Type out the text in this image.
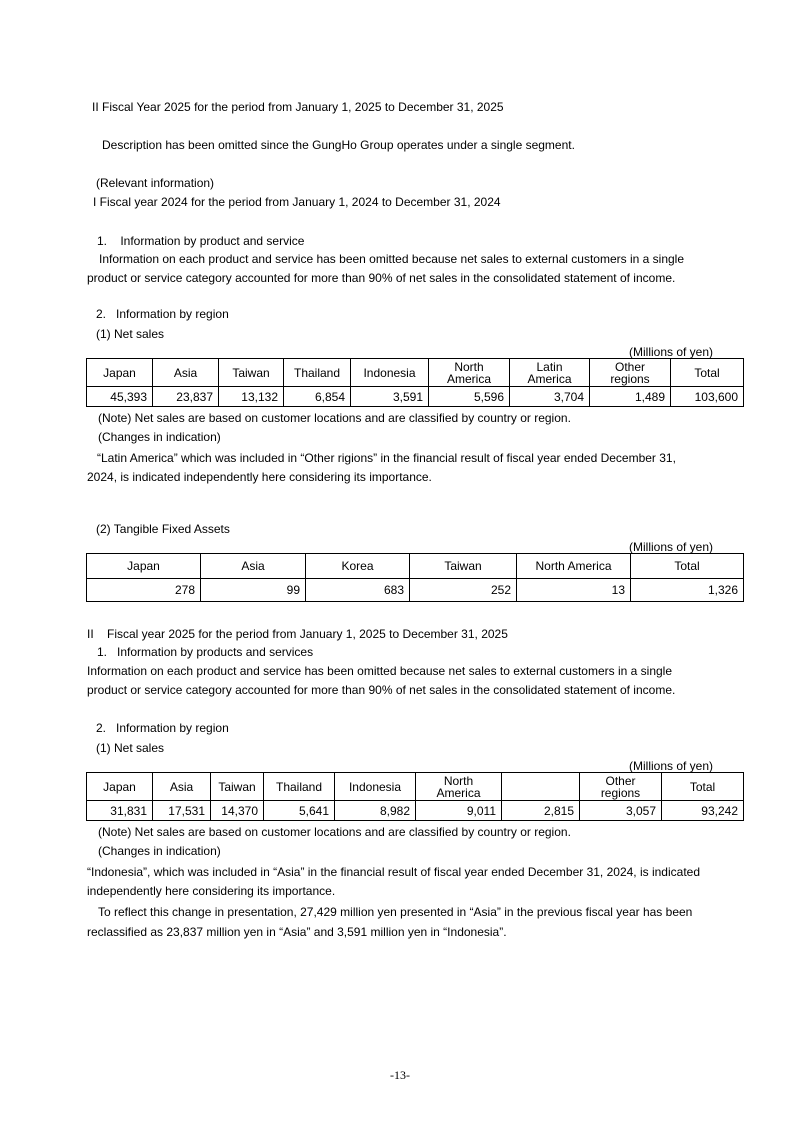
II Fiscal Year 2025 for the period from January 1, 2025 to December 31, 2025
Description has been omitted since the GungHo Group operates under a single segment.
(Relevant information)
I Fiscal year 2024 for the period from January 1, 2024 to December 31, 2024
1.    Information by product and service
Information on each product and service has been omitted because net sales to external customers in a single
product or service category accounted for more than 90% of net sales in the consolidated statement of income.
2.   Information by region
(1) Net sales
(Millions of yen)
Japan	Asia	Taiwan	Thailand	Indonesia	North America	Latin America	Other regions	Total
45,393	23,837	13,132	6,854	3,591	5,596	3,704	1,489	103,600
(Note) Net sales are based on customer locations and are classified by country or region.
(Changes in indication)
“Latin America” which was included in “Other rigions” in the financial result of fiscal year ended December 31,
2024, is indicated independently here considering its importance.
(2) Tangible Fixed Assets
(Millions of yen)
Japan	Asia	Korea	Taiwan	North America	Total
278	99	683	252	13	1,326
II    Fiscal year 2025 for the period from January 1, 2025 to December 31, 2025
1.   Information by products and services
Information on each product and service has been omitted because net sales to external customers in a single
product or service category accounted for more than 90% of net sales in the consolidated statement of income.
2.   Information by region
(1) Net sales
(Millions of yen)
Japan	Asia	Taiwan	Thailand	Indonesia	North America		Other regions	Total
31,831	17,531	14,370	5,641	8,982	9,011	2,815	3,057	93,242
(Note) Net sales are based on customer locations and are classified by country or region.
(Changes in indication)
“Indonesia”, which was included in “Asia” in the financial result of fiscal year ended December 31, 2024, is indicated
independently here considering its importance.
To reflect this change in presentation, 27,429 million yen presented in “Asia” in the previous fiscal year has been
reclassified as 23,837 million yen in “Asia” and 3,591 million yen in “Indonesia”.
-13-
